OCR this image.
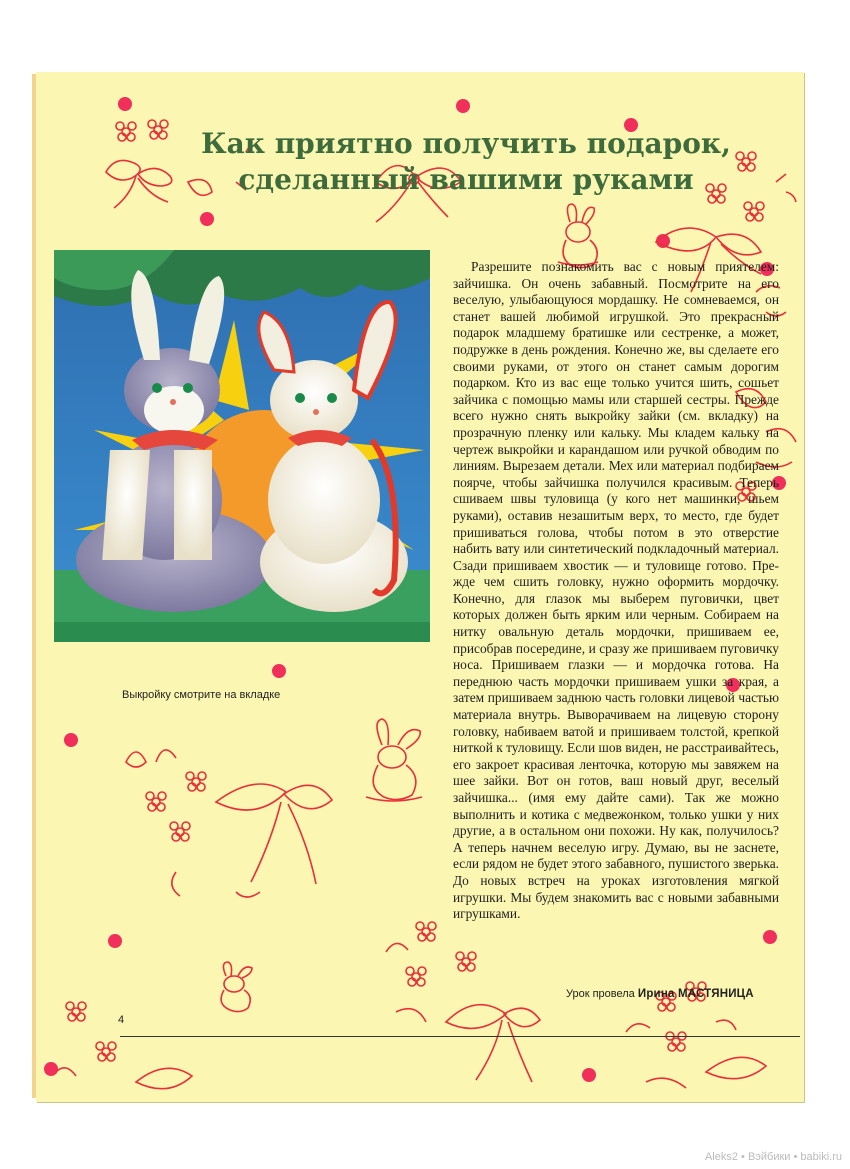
Как приятно получить подарок,
сделанный вашими руками
Выкройку смотрите на вкладке
Разрешите познакомить вас с новым приятелем: зайчишка. Он очень забавный. Посмотрите на его веселую, улыбающуюся мордашку. Не сомневаемся, он станет вашей любимой игрушкой. Это прекрасный подарок младшему братишке или сестренке, а может, подружке в день рождения. Конечно же, вы сделаете его своими руками, от этого он станет самым дорогим подарком. Кто из вас еще только учится шить, сошьет зайчика с помощью мамы или старшей сестры. Прежде всего нужно снять выкройку зайки (см. вкладку) на прозрачную пленку или кальку. Мы кладем кальку на чертеж выкройки и карандашом или ручкой обводим по линиям. Вырезаем детали. Мех или материал подбираем поярче, чтобы зайчишка получился красивым. Теперь сшиваем швы туловища (у кого нет машинки, шьем руками), оставив незашитым верх, то место, где будет пришиваться голова, чтобы потом в это отверстие набить вату или синтетический подкладочный материал. Сзади пришиваем хвостик — и туловище готово. Прежде чем сшить головку, нужно оформить мордочку. Конечно, для глазок мы выберем пуговички, цвет которых должен быть ярким или черным. Собираем на нитку овальную деталь мордочки, пришиваем ее, присобрав посередине, и сразу же пришиваем пуговичку носа. Пришиваем глазки — и мордочка готова. На переднюю часть мордочки пришиваем ушки за края, а затем пришиваем заднюю часть головки лицевой частью материала внутрь. Выворачиваем на лицевую сторону головку, набиваем ватой и пришиваем толстой, крепкой ниткой к туловищу. Если шов виден, не расстраивайтесь, его закроет красивая ленточка, которую мы завяжем на шее зайки. Вот он готов, ваш новый друг, веселый зайчишка... (имя ему дайте сами). Так же можно выполнить и котика с медвежонком, только ушки у них другие, а в остальном они похожи. Ну как, получилось? А теперь начнем веселую игру. Думаю, вы не заснете, если рядом не будет этого забавного, пушистого зверька. До новых встреч на уроках изготовления мягкой игрушки. Мы будем знакомить вас с новыми забавными игрушками.
Урок провела Ирина МАСТЯНИЦА
4
Aleks2 • Вэйбики • babiki.ru
